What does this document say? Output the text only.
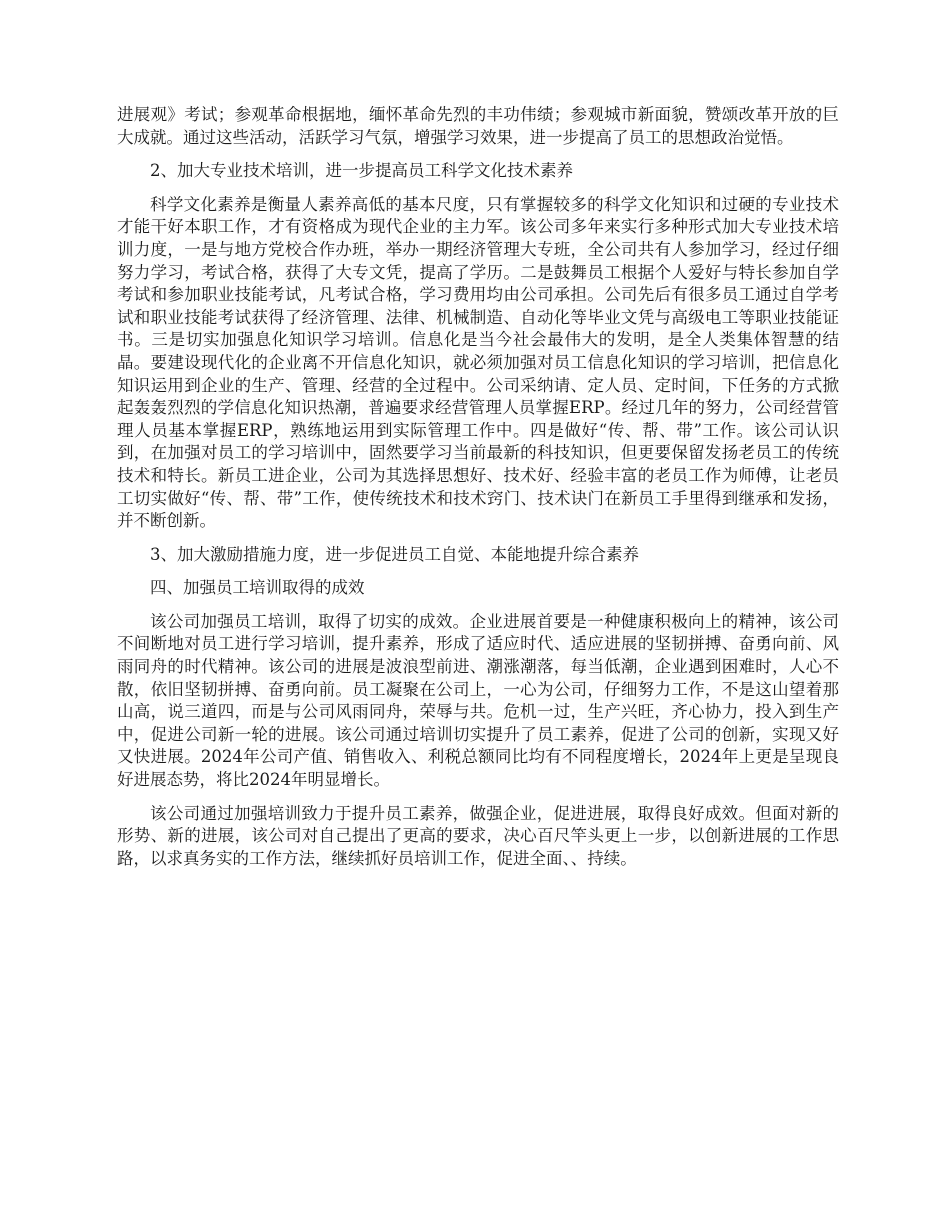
进展观》考试；参观革命根据地，缅怀革命先烈的丰功伟绩；参观城市新面貌，赞颂改革开放的巨大成就。通过这些活动，活跃学习气氛，增强学习效果，进一步提高了员工的思想政治觉悟。

2、加大专业技术培训，进一步提高员工科学文化技术素养

科学文化素养是衡量人素养高低的基本尺度，只有掌握较多的科学文化知识和过硬的专业技术才能干好本职工作，才有资格成为现代企业的主力军。该公司多年来实行多种形式加大专业技术培训力度，一是与地方党校合作办班，举办一期经济管理大专班，全公司共有人参加学习，经过仔细努力学习，考试合格，获得了大专文凭，提高了学历。二是鼓舞员工根据个人爱好与特长参加自学考试和参加职业技能考试，凡考试合格，学习费用均由公司承担。公司先后有很多员工通过自学考试和职业技能考试获得了经济管理、法律、机械制造、自动化等毕业文凭与高级电工等职业技能证书。三是切实加强息化知识学习培训。信息化是当今社会最伟大的发明，是全人类集体智慧的结晶。要建设现代化的企业离不开信息化知识，就必须加强对员工信息化知识的学习培训，把信息化知识运用到企业的生产、管理、经营的全过程中。公司采纳请、定人员、定时间，下任务的方式掀起轰轰烈烈的学信息化知识热潮，普遍要求经营管理人员掌握ERP。经过几年的努力，公司经营管理人员基本掌握ERP，熟练地运用到实际管理工作中。四是做好“传、帮、带”工作。该公司认识到，在加强对员工的学习培训中，固然要学习当前最新的科技知识，但更要保留发扬老员工的传统技术和特长。新员工进企业，公司为其选择思想好、技术好、经验丰富的老员工作为师傅，让老员工切实做好“传、帮、带”工作，使传统技术和技术窍门、技术诀门在新员工手里得到继承和发扬，并不断创新。

3、加大激励措施力度，进一步促进员工自觉、本能地提升综合素养

四、加强员工培训取得的成效

该公司加强员工培训，取得了切实的成效。企业进展首要是一种健康积极向上的精神，该公司不间断地对员工进行学习培训，提升素养，形成了适应时代、适应进展的坚韧拼搏、奋勇向前、风雨同舟的时代精神。该公司的进展是波浪型前进、潮涨潮落，每当低潮，企业遇到困难时，人心不散，依旧坚韧拼搏、奋勇向前。员工凝聚在公司上，一心为公司，仔细努力工作，不是这山望着那山高，说三道四，而是与公司风雨同舟，荣辱与共。危机一过，生产兴旺，齐心协力，投入到生产中，促进公司新一轮的进展。该公司通过培训切实提升了员工素养，促进了公司的创新，实现又好又快进展。2024年公司产值、销售收入、利税总额同比均有不同程度增长，2024年上更是呈现良好进展态势，将比2024年明显增长。

该公司通过加强培训致力于提升员工素养，做强企业，促进进展，取得良好成效。但面对新的形势、新的进展，该公司对自己提出了更高的要求，决心百尺竿头更上一步，以创新进展的工作思路，以求真务实的工作方法，继续抓好员培训工作，促进全面、、持续。
